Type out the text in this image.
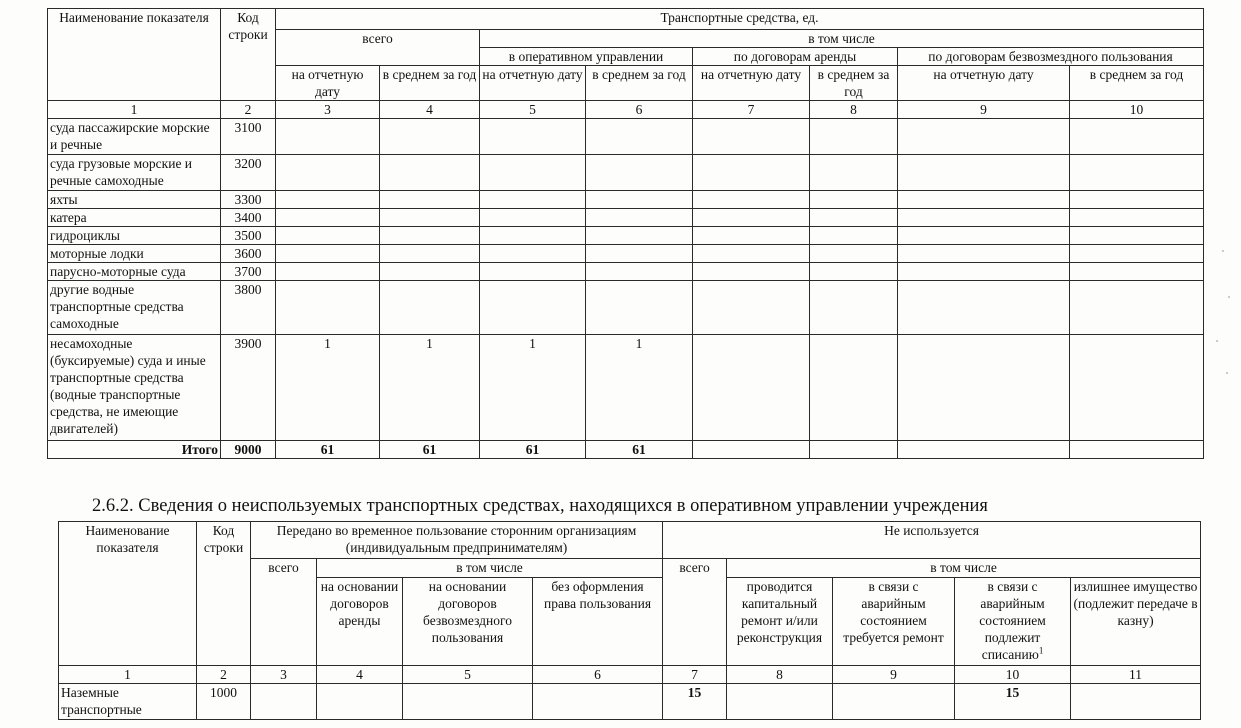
Наименование показателя	Код строки	Транспортные средства, ед.							
		всего		в том числе					
				в оперативном управлении		по договорам аренды		по договорам безвозмездного пользования	
		на отчетную дату	в среднем за год	на отчетную дату	в среднем за год	на отчетную дату	в среднем за год	на отчетную дату	в среднем за год
1	2	3	4	5	6	7	8	9	10
суда пассажирские морские и речные	3100								
суда грузовые морские и речные самоходные	3200								
яхты	3300								
катера	3400								
гидроциклы	3500								
моторные лодки	3600								
парусно-моторные суда	3700								
другие водные транспортные средства самоходные	3800								
несамоходные (буксируемые) суда и иные транспортные средства (водные транспортные средства, не имеющие двигателей)	3900	1	1	1	1				
Итого	9000	61	61	61	61				
2.6.2. Сведения о неиспользуемых транспортных средствах, находящихся в оперативном управлении учреждения
Наименование показателя	Код строки	Передано во временное пользование сторонним организациям (индивидуальным предпринимателям)				Не используется				

		всего	в том числе			всего	в том числе			
			на основании договоров аренды	на основании договоров безвозмездного пользования	без оформления права пользования		проводится капитальный ремонт и/или реконструкция	в связи с аварийным состоянием требуется ремонт	в связи с аварийным состоянием подлежит списанию$^1$	излишнее имущество (подлежит передаче в казну)
1	2	3	4	5	6	7	8	9	10	11
Наземные транспортные	1000					15			15	
